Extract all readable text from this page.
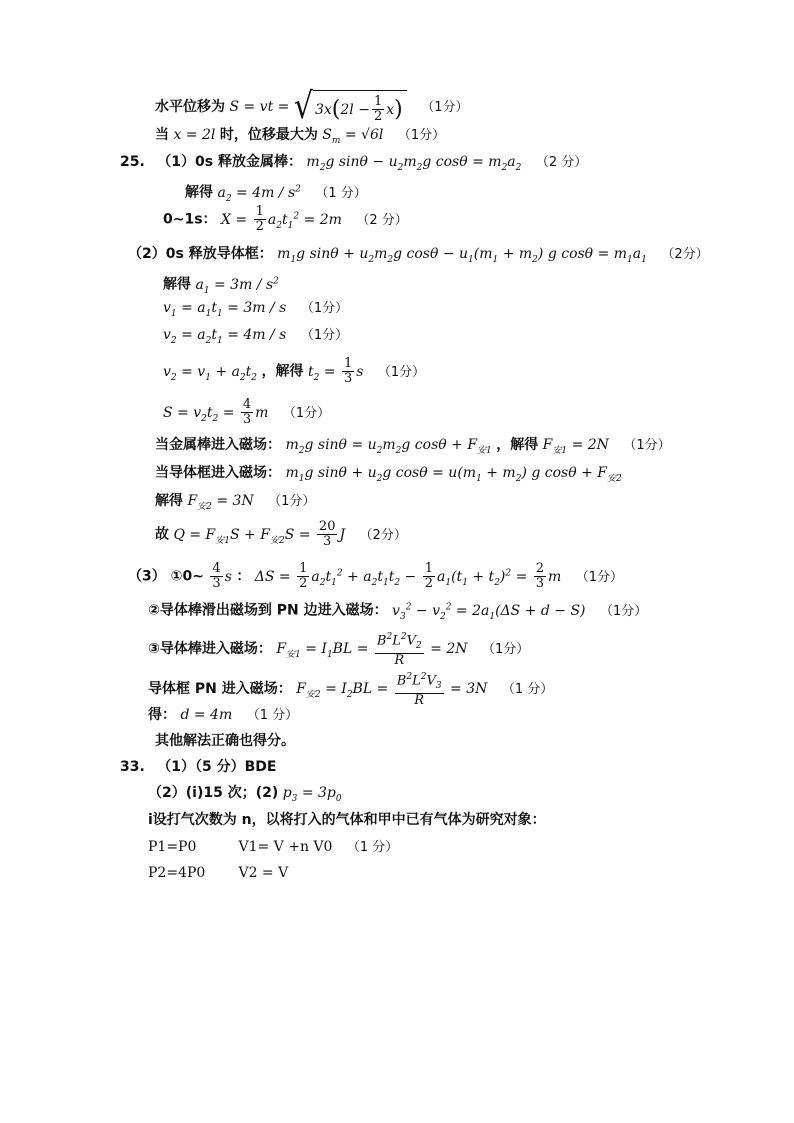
水平位移为 S = vt = √ 3x ( $2l - \frac{1}{2}$ x ) （1分）
当 x = 2l 时，位移最大为 $S_m = √6l$ （1分）
25. （1）0s 释放金属棒： $m_2g$ $\sin\theta - u_2m_2g$ $\cos\theta = m_2a_2$ （2 分）
解得 $a_2 = 4m / s^2$ （1 分）
0~1s： $X = \frac{1}{2} a_2t_1^2 = 2m$ （2 分）
（2）0s 释放导体框： $m_1g$ $\sin\theta + u_2m_2g$ $\cos\theta - u_1(m_1 + m_2)$ g $\cos\theta = m_1a_1$ （2分）
解得 $a_1 = 3m / s^2$
$v_1 = a_1t_1 = 3m / s$ （1分）
$v_2 = a_2t_1 = 4m / s$ （1分）
$v_2 = v_1 + a_2t_2$ ，解得 $t_2 = \frac{1}{3}$ s （1分）
$S = v_2t_2 = \frac{4}{3}$ m （1分）
当金属棒进入磁场： $m_2g$ $\sin\theta = u_2m_2g$ $\cos\theta + F_{安1}$ ，解得 $F_{安1} = 2N$ （1分）
当导体框进入磁场： $m_1g$ $\sin\theta + u_2g$ $\cos\theta = u(m_1 + m_2)$ g $\cos\theta + F_{安2}$
解得 $F_{安2} = 3N$ （1分）
故 $Q = F_{安1}S + F_{安2}S = \frac{20}{3}$ J （2分）
（3） ①0~ $\frac{4}{3}$ s ： $\Delta S = \frac{1}{2} a_2t_1^2 + a_2t_1t_2 - \frac{1}{2} a_1(t_1 + t_2)^2 = \frac{2}{3}$ m （1分）
②导体棒滑出磁场到 PN 边进入磁场： $v_3^2 - v_2^2 = 2a_1(\Delta S + d - S)$ （1分）
③导体棒进入磁场： $F_{安1} = I_1BL = \frac{B^2L^2V_2}{R} = 2N$ （1分）
导体框 PN 进入磁场： $F_{安2} = I_2BL = \frac{B^2L^2V_3}{R} = 3N$ （1 分）
得： d = 4m （1 分）
其他解法正确也得分。
33. （1）（5 分）BDE
（2）(i)15 次；(2) $p_3 = 3p_0$
ⅰ设打气次数为 n，以将打入的气体和甲中已有气体为研究对象：
P1=P0	V1= V +n V0 （1 分）
P2=4P0 V2 = V
